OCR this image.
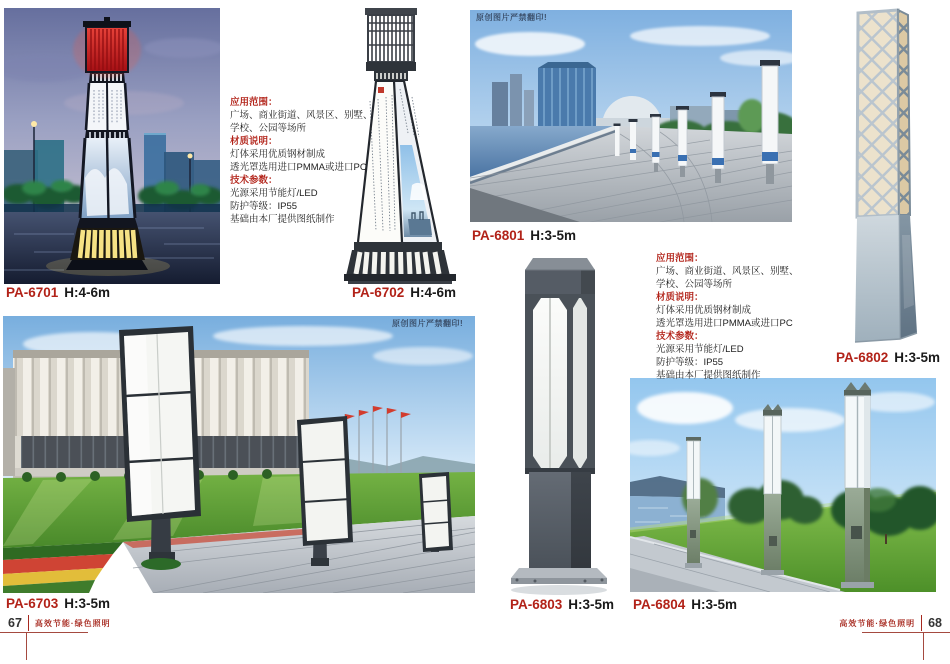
原创图片严禁翻印!
原创图片严禁翻印!
应用范围：
广场、商业街道、风景区、别墅、
学校、公园等场所
材质说明：
灯体采用优质钢材制成
透光罩选用进口PMMA或进口PC
技术参数：
光源采用节能灯/LED
防护等级：IP55
基础由本厂提供图纸制作
应用范围：
广场、商业街道、风景区、别墅、
学校、公园等场所
材质说明：
灯体采用优质钢材制成
透光罩选用进口PMMA或进口PC
技术参数：
光源采用节能灯/LED
防护等级：IP55
基础由本厂提供图纸制作
PA-6701 H:4-6m	PA-6702 H:4-6m
PA-6801 H:3-5m
PA-6802 H:3-5m
PA-6703 H:3-5m	PA-6803 H:3-5m PA-6804 H:3-5m
67 高效节能·绿色照明	高效节能·绿色照明 68
